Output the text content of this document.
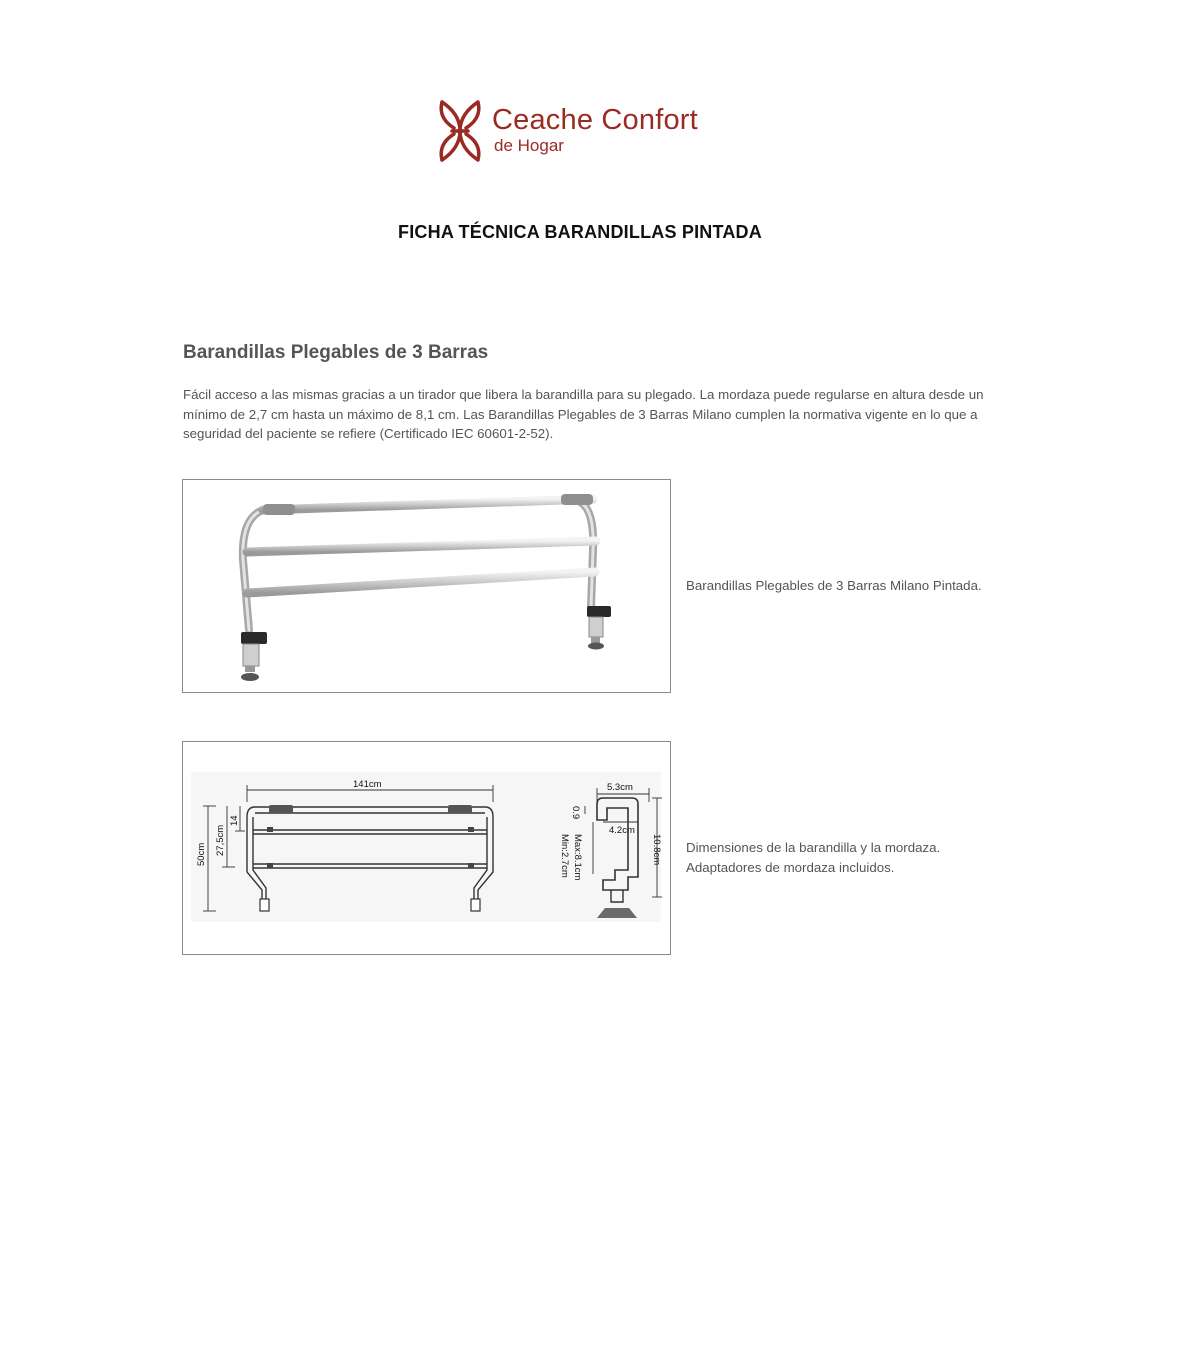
Ceache Confort
de Hogar
FICHA TÉCNICA BARANDILLAS PINTADA
Barandillas Plegables de 3 Barras

Fácil acceso a las mismas gracias a un tirador que libera la barandilla para su plegado. La mordaza puede regularse en altura desde un mínimo de 2,7 cm hasta un máximo de 8,1 cm. Las Barandillas Plegables de 3 Barras Milano cumplen la normativa vigente en lo que a seguridad del paciente se refiere (Certificado IEC 60601-2-52).

Barandillas Plegables de 3 Barras Milano Pintada.
141cm
50cm 27,5cm
14
5.3cm
4.2cm
10.8cm
0.9
Max:8.1cm
Min:2.7cm	Dimensiones de la barandilla y la mordaza.
Adaptadores de mordaza incluidos.
